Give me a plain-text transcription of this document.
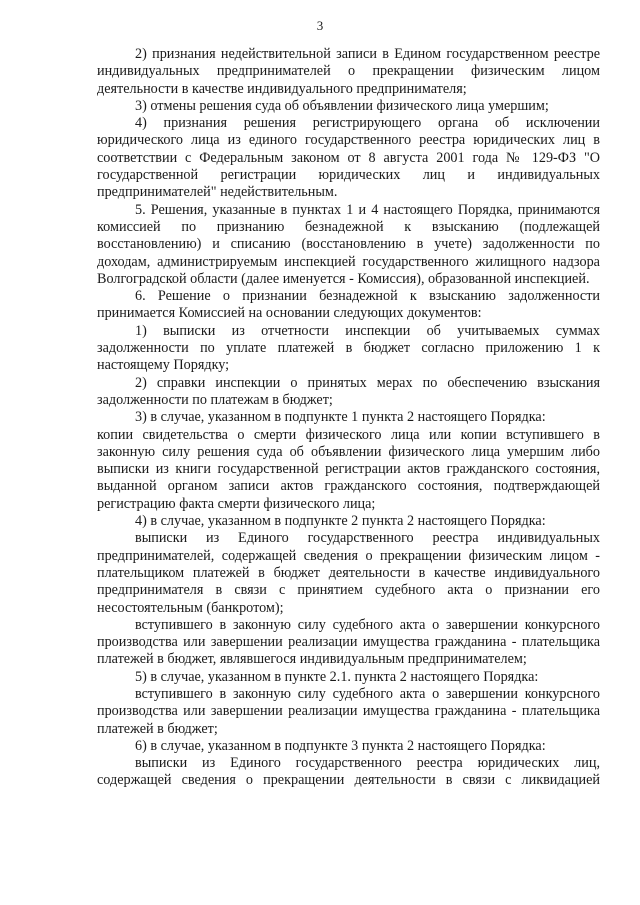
3

2) признания недействительной записи в Едином государственном реестре индивидуальных предпринимателей о прекращении физическим лицом деятельности в качестве индивидуального предпринимателя;

3) отмены решения суда об объявлении физического лица умершим;

4) признания решения регистрирующего органа об исключении юридического лица из единого государственного реестра юридических лиц в соответствии с Федеральным законом от 8 августа 2001 года № 129-ФЗ "О государственной регистрации юридических лиц и индивидуальных предпринимателей" недействительным.

5. Решения, указанные в пунктах 1 и 4 настоящего Порядка, принимаются комиссией по признанию безнадежной к взысканию (подлежащей восстановлению) и списанию (восстановлению в учете) задолженности по доходам, администрируемым инспекцией государственного жилищного надзора Волгоградской области (далее именуется - Комиссия), образованной инспекцией.

6. Решение о признании безнадежной к взысканию задолженности принимается Комиссией на основании следующих документов:

1) выписки из отчетности инспекции об учитываемых суммах задолженности по уплате платежей в бюджет согласно приложению 1 к настоящему Порядку;

2) справки инспекции о принятых мерах по обеспечению взыскания задолженности по платежам в бюджет;

3) в случае, указанном в подпункте 1 пункта 2 настоящего Порядка:

копии свидетельства о смерти физического лица или копии вступившего в законную силу решения суда об объявлении физического лица умершим либо выписки из книги государственной регистрации актов гражданского состояния, выданной органом записи актов гражданского состояния, подтверждающей регистрацию факта смерти физического лица;

4) в случае, указанном в подпункте 2 пункта 2 настоящего Порядка:

выписки из Единого государственного реестра индивидуальных предпринимателей, содержащей сведения о прекращении физическим лицом - плательщиком платежей в бюджет деятельности в качестве индивидуального предпринимателя в связи с принятием судебного акта о признании его несостоятельным (банкротом);

вступившего в законную силу судебного акта о завершении конкурсного производства или завершении реализации имущества гражданина - плательщика платежей в бюджет, являвшегося индивидуальным предпринимателем;

5) в случае, указанном в пункте 2.1. пункта 2 настоящего Порядка:

вступившего в законную силу судебного акта о завершении конкурсного производства или завершении реализации имущества гражданина - плательщика платежей в бюджет;

6) в случае, указанном в подпункте 3 пункта 2 настоящего Порядка:

выписки из Единого государственного реестра юридических лиц, содержащей сведения о прекращении деятельности в связи с ликвидацией
